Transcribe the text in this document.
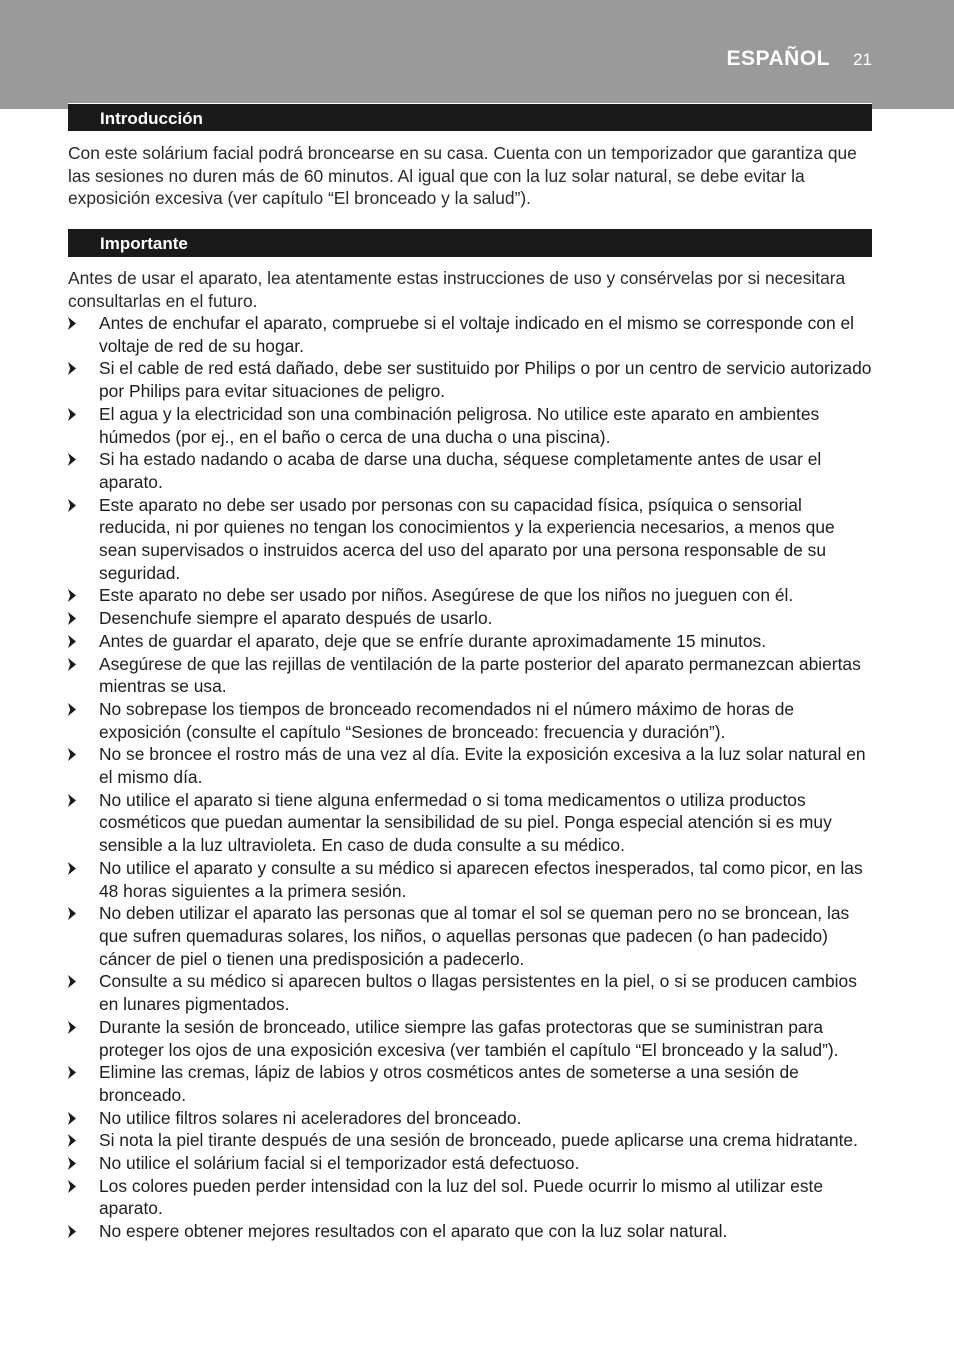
ESPAÑOL 21
Introducción
Con este solárium facial podrá broncearse en su casa. Cuenta con un temporizador que garantiza que las sesiones no duren más de 60 minutos. Al igual que con la luz solar natural, se debe evitar la exposición excesiva (ver capítulo “El bronceado y la salud”).
Importante
Antes de usar el aparato, lea atentamente estas instrucciones de uso y consérvelas por si necesitara consultarlas en el futuro.
Antes de enchufar el aparato, compruebe si el voltaje indicado en el mismo se corresponde con el voltaje de red de su hogar.
Si el cable de red está dañado, debe ser sustituido por Philips o por un centro de servicio autorizado por Philips para evitar situaciones de peligro.
El agua y la electricidad son una combinación peligrosa. No utilice este aparato en ambientes húmedos (por ej., en el baño o cerca de una ducha o una piscina).
Si ha estado nadando o acaba de darse una ducha, séquese completamente antes de usar el aparato.
Este aparato no debe ser usado por personas con su capacidad física, psíquica o sensorial reducida, ni por quienes no tengan los conocimientos y la experiencia necesarios, a menos que sean supervisados o instruidos acerca del uso del aparato por una persona responsable de su seguridad.
Este aparato no debe ser usado por niños. Asegúrese de que los niños no jueguen con él.
Desenchufe siempre el aparato después de usarlo.
Antes de guardar el aparato, deje que se enfríe durante aproximadamente 15 minutos.
Asegúrese de que las rejillas de ventilación de la parte posterior del aparato permanezcan abiertas mientras se usa.
No sobrepase los tiempos de bronceado recomendados ni el número máximo de horas de exposición (consulte el capítulo “Sesiones de bronceado: frecuencia y duración”).
No se broncee el rostro más de una vez al día. Evite la exposición excesiva a la luz solar natural en el mismo día.
No utilice el aparato si tiene alguna enfermedad o si toma medicamentos o utiliza productos cosméticos que puedan aumentar la sensibilidad de su piel. Ponga especial atención si es muy sensible a la luz ultravioleta. En caso de duda consulte a su médico.
No utilice el aparato y consulte a su médico si aparecen efectos inesperados, tal como picor, en las 48 horas siguientes a la primera sesión.
No deben utilizar el aparato las personas que al tomar el sol se queman pero no se broncean, las que sufren quemaduras solares, los niños, o aquellas personas que padecen (o han padecido) cáncer de piel o tienen una predisposición a padecerlo.
Consulte a su médico si aparecen bultos o llagas persistentes en la piel, o si se producen cambios en lunares pigmentados.
Durante la sesión de bronceado, utilice siempre las gafas protectoras que se suministran para proteger los ojos de una exposición excesiva (ver también el capítulo “El bronceado y la salud”).
Elimine las cremas, lápiz de labios y otros cosméticos antes de someterse a una sesión de bronceado.
No utilice filtros solares ni aceleradores del bronceado.
Si nota la piel tirante después de una sesión de bronceado, puede aplicarse una crema hidratante.
No utilice el solárium facial si el temporizador está defectuoso.
Los colores pueden perder intensidad con la luz del sol. Puede ocurrir lo mismo al utilizar este aparato.
No espere obtener mejores resultados con el aparato que con la luz solar natural.
